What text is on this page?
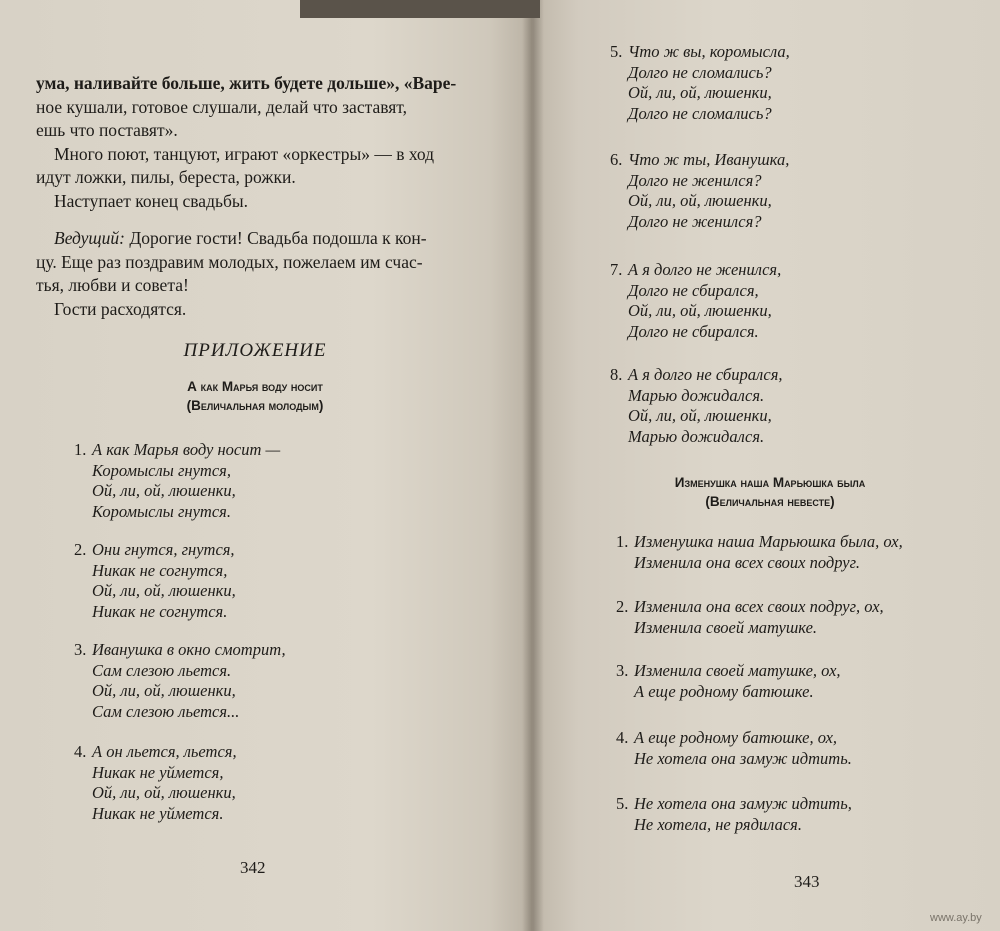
ума, наливайте больше, жить будете дольше», «Варе-

ное кушали, готовое слушали, делай что заставят,

ешь что поставят».

Много поют, танцуют, играют «оркестры» — в ход

идут ложки, пилы, береста, рожки.

Наступает конец свадьбы.

Ведущий: Дорогие гости! Свадьба подошла к кон-

цу. Еще раз поздравим молодых, пожелаем им счас-

тья, любви и совета!

Гости расходятся.

ПРИЛОЖЕНИЕ
А как Марья воду носит
(Величальная молодым)
1. А как Марья воду носит —
Коромыслы гнутся,
Ой, ли, ой, люшенки,
Коромыслы гнутся.
2. Они гнутся, гнутся,
Никак не согнутся,
Ой, ли, ой, люшенки,
Никак не согнутся.
3. Иванушка в окно смотрит,
Сам слезою льется.
Ой, ли, ой, люшенки,
Сам слезою льется...
4. А он льется, льется,
Никак не уймется,
Ой, ли, ой, люшенки,
Никак не уймется.
342
5. Что ж вы, коромысла,
Долго не сломались?
Ой, ли, ой, люшенки,
Долго не сломались?
6. Что ж ты, Иванушка,
Долго не женился?
Ой, ли, ой, люшенки,
Долго не женился?
7. А я долго не женился,
Долго не сбирался,
Ой, ли, ой, люшенки,
Долго не сбирался.
8. А я долго не сбирался,
Марью дожидался.
Ой, ли, ой, люшенки,
Марью дожидался.
Изменушка наша Марьюшка была
(Величальная невесте)
1. Изменушка наша Марьюшка была, ох,
Изменила она всех своих подруг.
2. Изменила она всех своих подруг, ох,
Изменила своей матушке.
3. Изменила своей матушке, ох,
А еще родному батюшке.
4. А еще родному батюшке, ох,
Не хотела она замуж идтить.
5. Не хотела она замуж идтить,
Не хотела, не рядилася.
343
www.ay.by
